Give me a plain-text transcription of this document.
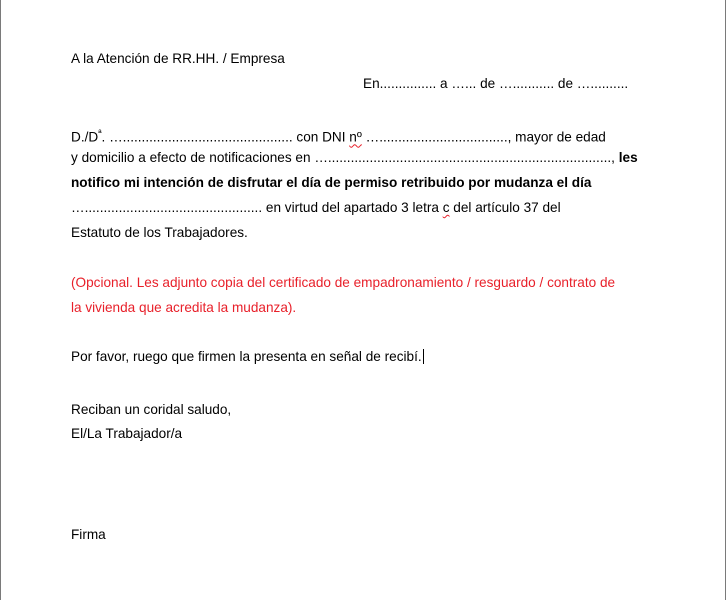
A la Atención de RR.HH. / Empresa
En............... a …... de …........... de …..........
$D./D^ª$. …............................................. con DNI nº ….................................., mayor de edad
y domicilio a efecto de notificaciones en …..........................................................................., les
notifico mi intención de disfrutar el día de permiso retribuido por mudanza el día
…............................................... en virtud del apartado 3 letra c del artículo 37 del
Estatuto de los Trabajadores.
(Opcional. Les adjunto copia del certificado de empadronamiento / resguardo / contrato de
la vivienda que acredita la mudanza).
Por favor, ruego que firmen la presenta en señal de recibí.
Reciban un coridal saludo,
El/La Trabajador/a
Firma
